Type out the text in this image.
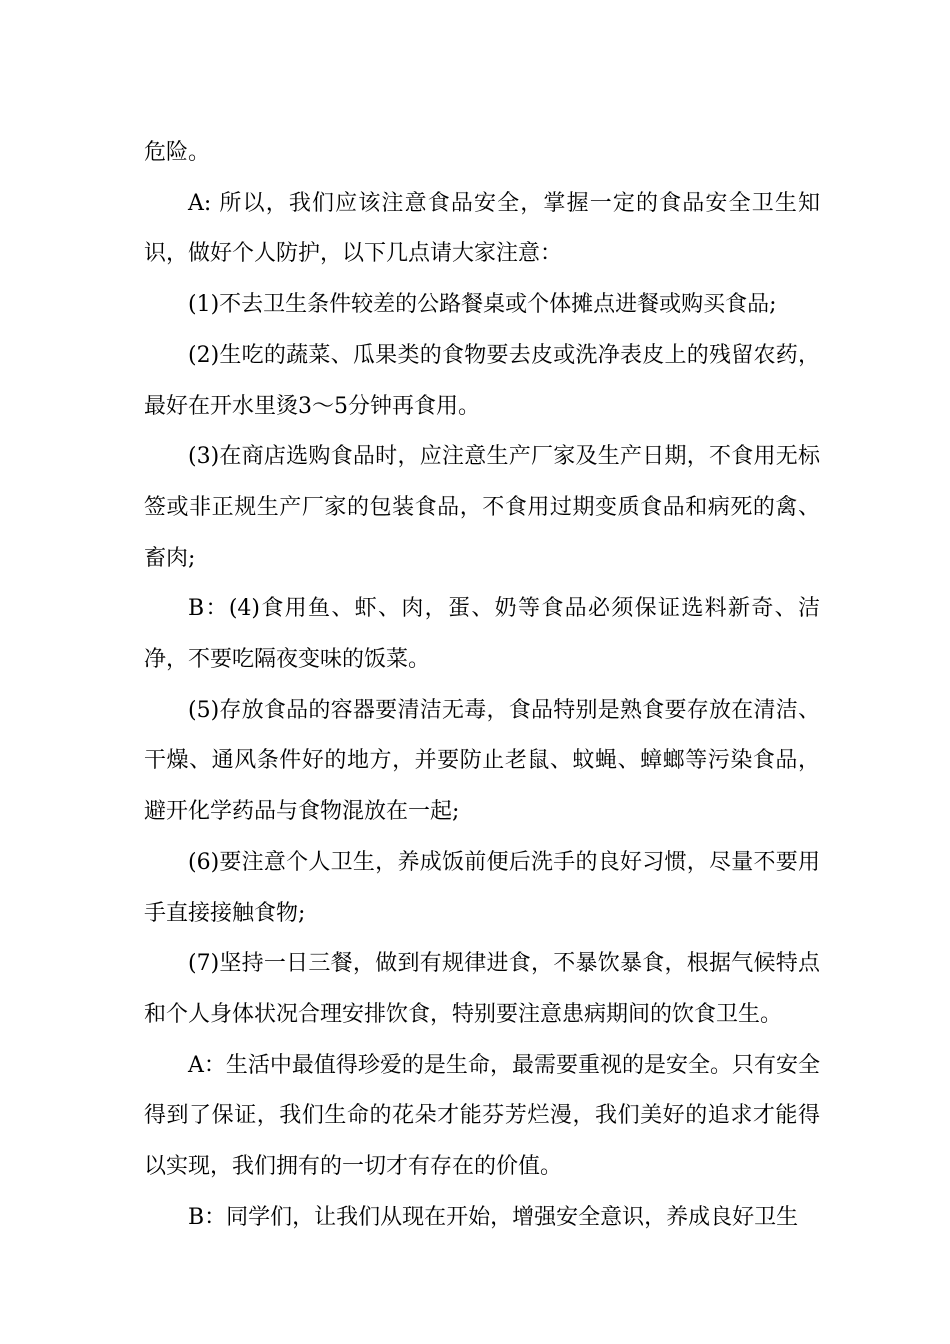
危险。

A: 所以，我们应该注意食品安全，掌握一定的食品安全卫生知识，做好个人防护，以下几点请大家注意：

(1)不去卫生条件较差的公路餐桌或个体摊点进餐或购买食品;

(2)生吃的蔬菜、瓜果类的食物要去皮或洗净表皮上的残留农药，最好在开水里烫3～5分钟再食用。

(3)在商店选购食品时，应注意生产厂家及生产日期，不食用无标签或非正规生产厂家的包装食品，不食用过期变质食品和病死的禽、畜肉;

B：(4)食用鱼、虾、肉，蛋、奶等食品必须保证选料新奇、洁净，不要吃隔夜变味的饭菜。

(5)存放食品的容器要清洁无毒，食品特别是熟食要存放在清洁、干燥、通风条件好的地方，并要防止老鼠、蚊蝇、蟑螂等污染食品，避开化学药品与食物混放在一起;

(6)要注意个人卫生，养成饭前便后洗手的良好习惯，尽量不要用手直接接触食物;

(7)坚持一日三餐，做到有规律进食，不暴饮暴食，根据气候特点和个人身体状况合理安排饮食，特别要注意患病期间的饮食卫生。

A：生活中最值得珍爱的是生命，最需要重视的是安全。只有安全得到了保证，我们生命的花朵才能芬芳烂漫，我们美好的追求才能得以实现，我们拥有的一切才有存在的价值。

B：同学们，让我们从现在开始，增强安全意识，养成良好卫生
